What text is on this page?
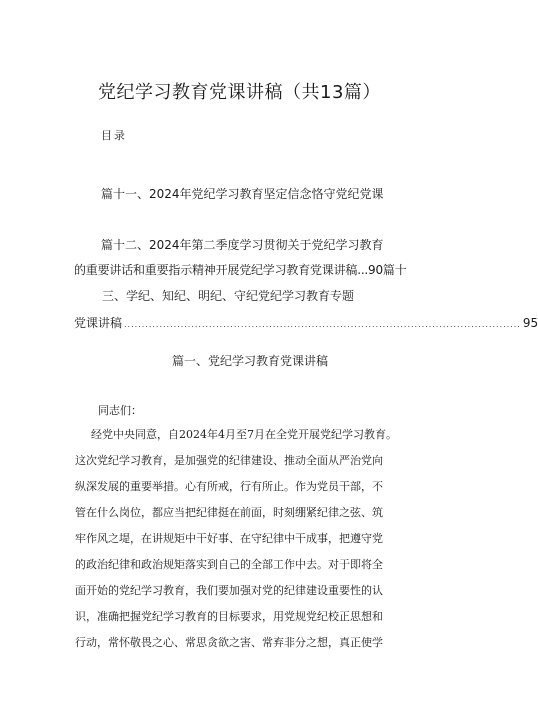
党纪学习教育党课讲稿（共13篇）
目录
篇十一、2024年党纪学习教育坚定信念恪守党纪党课
篇十二、2024年第二季度学习贯彻关于党纪学习教育
的重要讲话和重要指示精神开展党纪学习教育党课讲稿...90篇十
三、学纪、知纪、明纪、守纪党纪学习教育专题
党课讲稿 ................................................................................................................ 95
篇一、党纪学习教育党课讲稿
同志们：
经党中央同意，自2024年4月至7月在全党开展党纪学习教育。
这次党纪学习教育，是加强党的纪律建设、推动全面从严治党向
纵深发展的重要举措。心有所戒，行有所止。作为党员干部，不
管在什么岗位，都应当把纪律挺在前面，时刻绷紧纪律之弦、筑
牢作风之堤，在讲规矩中干好事、在守纪律中干成事，把遵守党
的政治纪律和政治规矩落实到自己的全部工作中去。对于即将全
面开始的党纪学习教育，我们要加强对党的纪律建设重要性的认
识，准确把握党纪学习教育的目标要求，用党规党纪校正思想和
行动，常怀敬畏之心、常思贪欲之害、常弃非分之想，真正使学
